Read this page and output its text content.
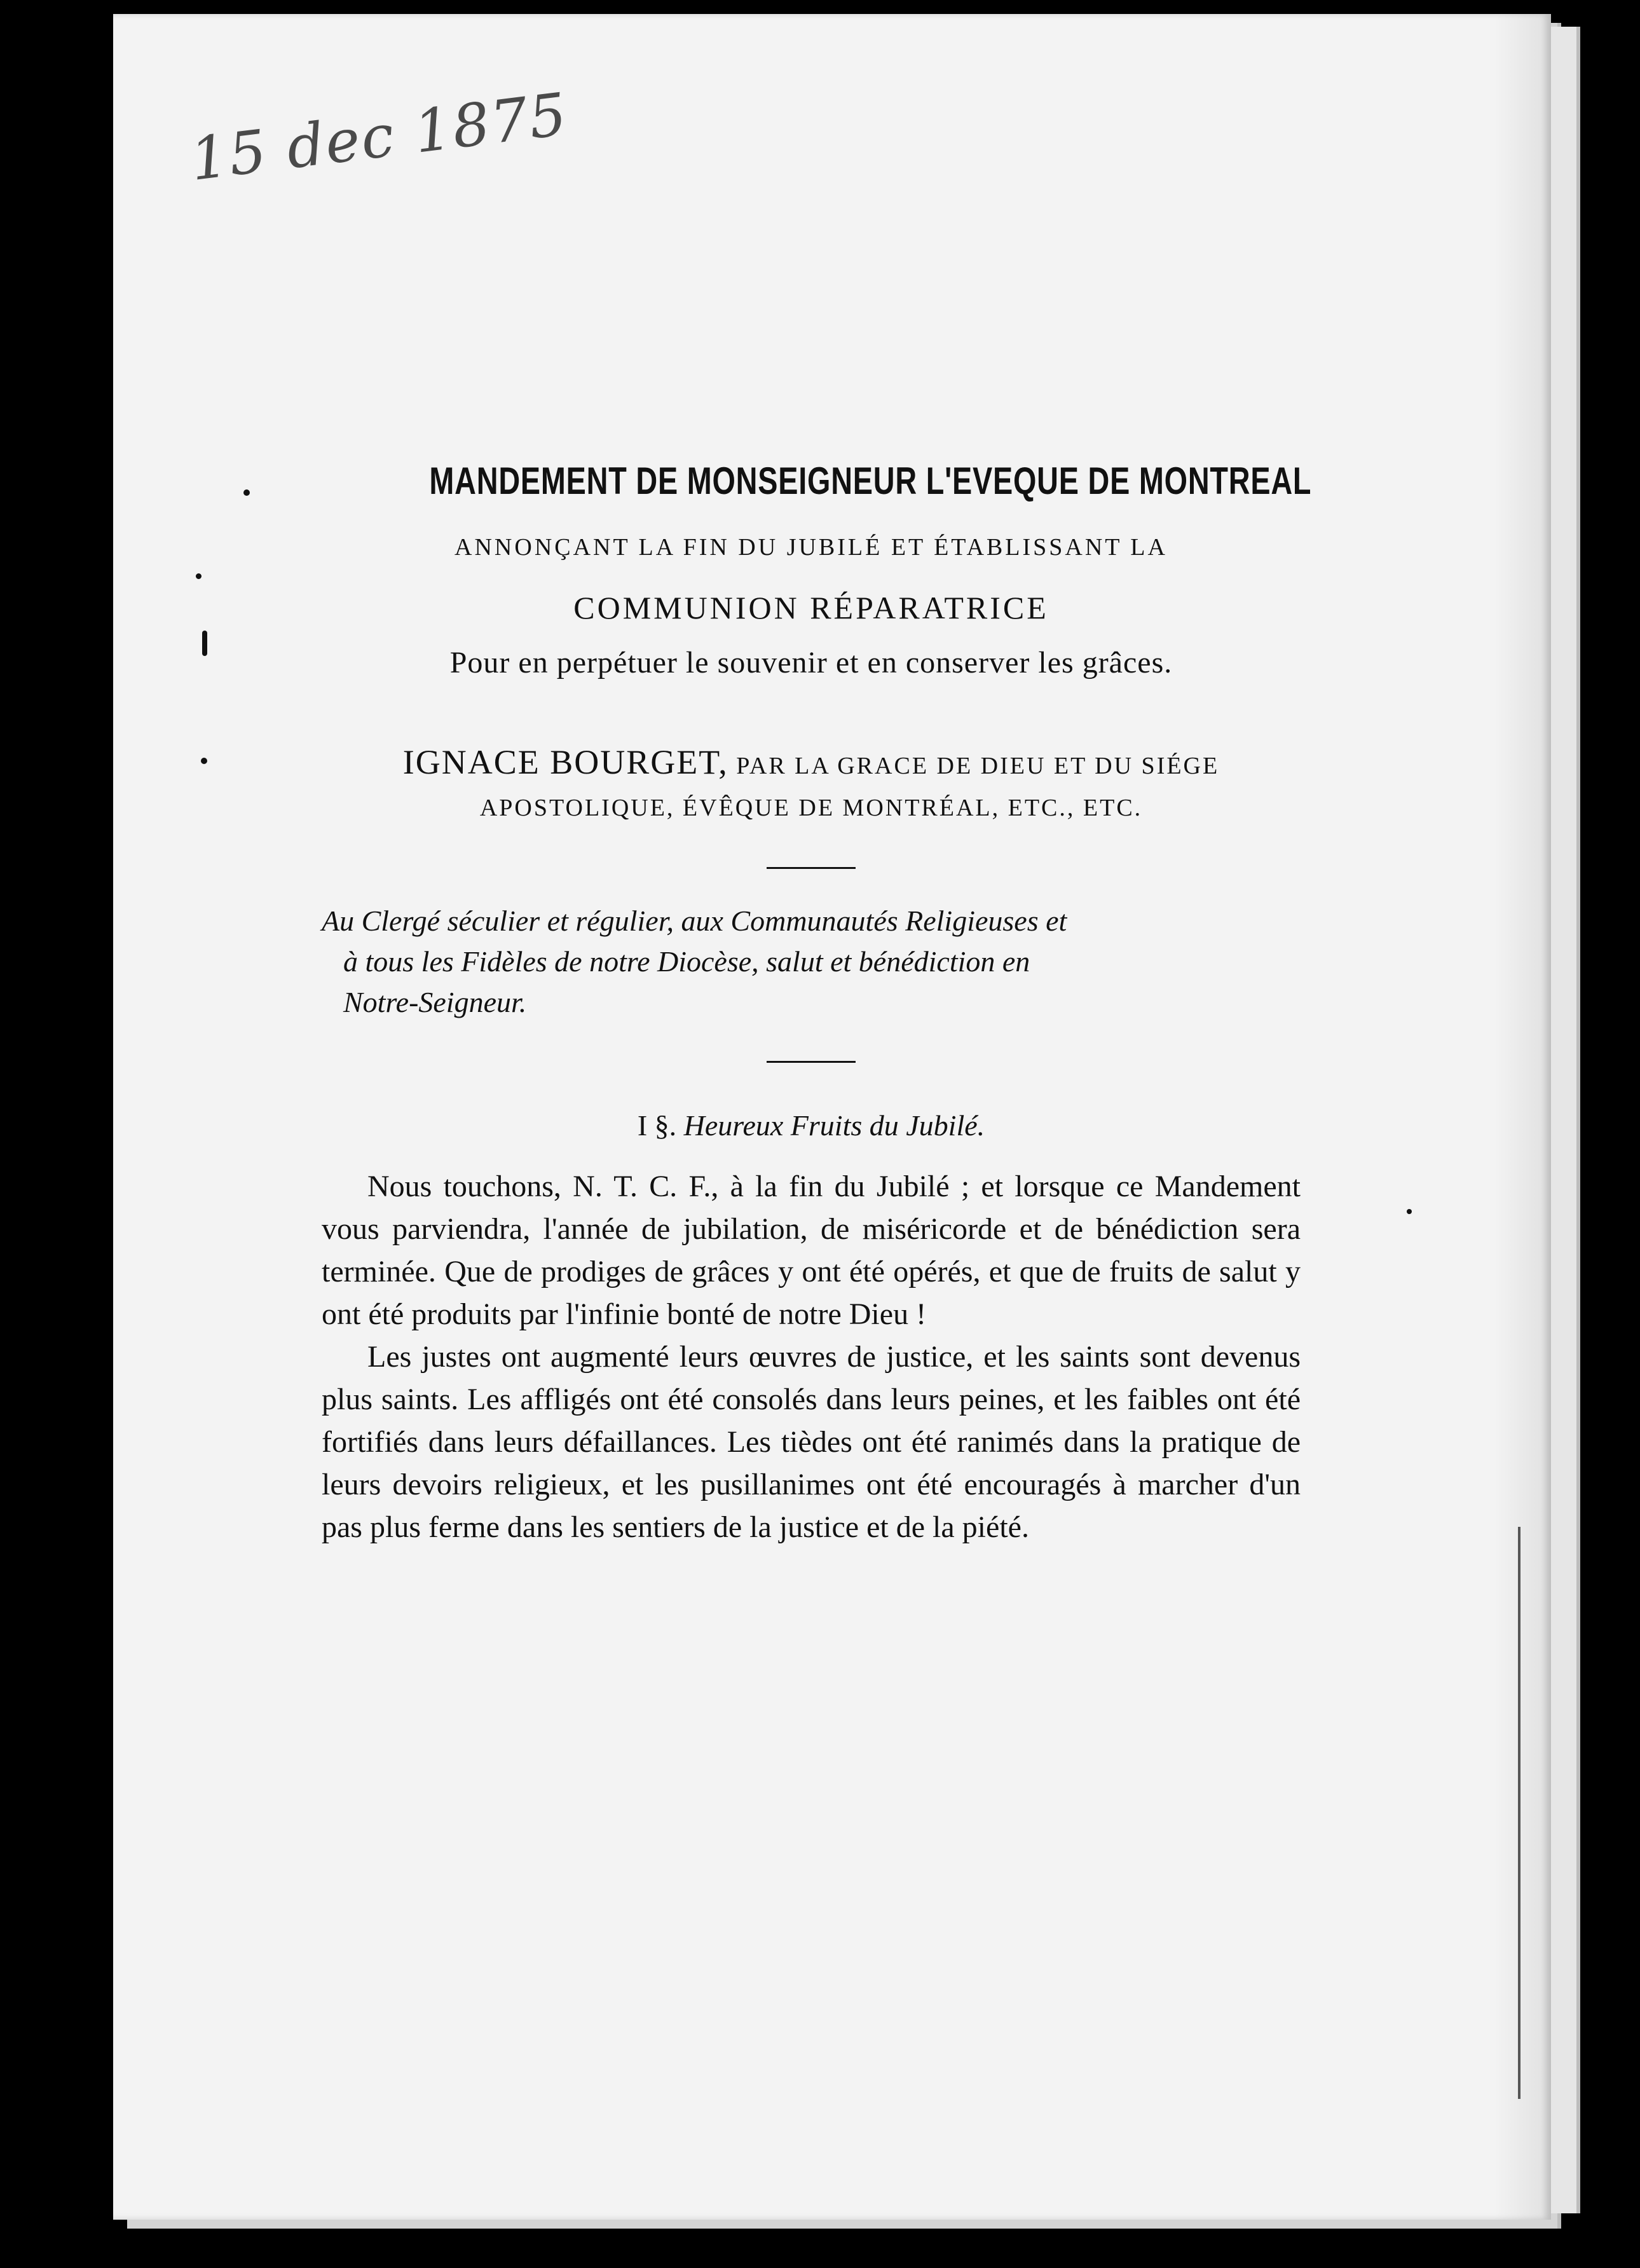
15 dec 1875
MANDEMENT DE MONSEIGNEUR L'EVEQUE DE MONTREAL

ANNONÇANT LA FIN DU JUBILÉ ET ÉTABLISSANT LA

COMMUNION RÉPARATRICE

Pour en perpétuer le souvenir et en conserver les grâces.

IGNACE BOURGET, PAR LA GRACE DE DIEU ET DU SIÉGE
APOSTOLIQUE, ÉVÊQUE DE MONTRÉAL, ETC., ETC.
Au Clergé séculier et régulier, aux Communautés Religieuses et
à tous les Fidèles de notre Diocèse, salut et bénédiction en
Notre-Seigneur.
I §. Heureux Fruits du Jubilé.

Nous touchons, N. T. C. F., à la fin du Jubilé ; et lorsque ce Mandement vous parviendra, l'année de jubilation, de miséricorde et de bénédiction sera terminée. Que de prodiges de grâces y ont été opérés, et que de fruits de salut y ont été produits par l'infinie bonté de notre Dieu !

Les justes ont augmenté leurs œuvres de justice, et les saints sont devenus plus saints. Les affligés ont été consolés dans leurs peines, et les faibles ont été fortifiés dans leurs défaillances. Les tièdes ont été ranimés dans la pratique de leurs devoirs religieux, et les pusillanimes ont été encouragés à marcher d'un pas plus ferme dans les sentiers de la justice et de la piété.
